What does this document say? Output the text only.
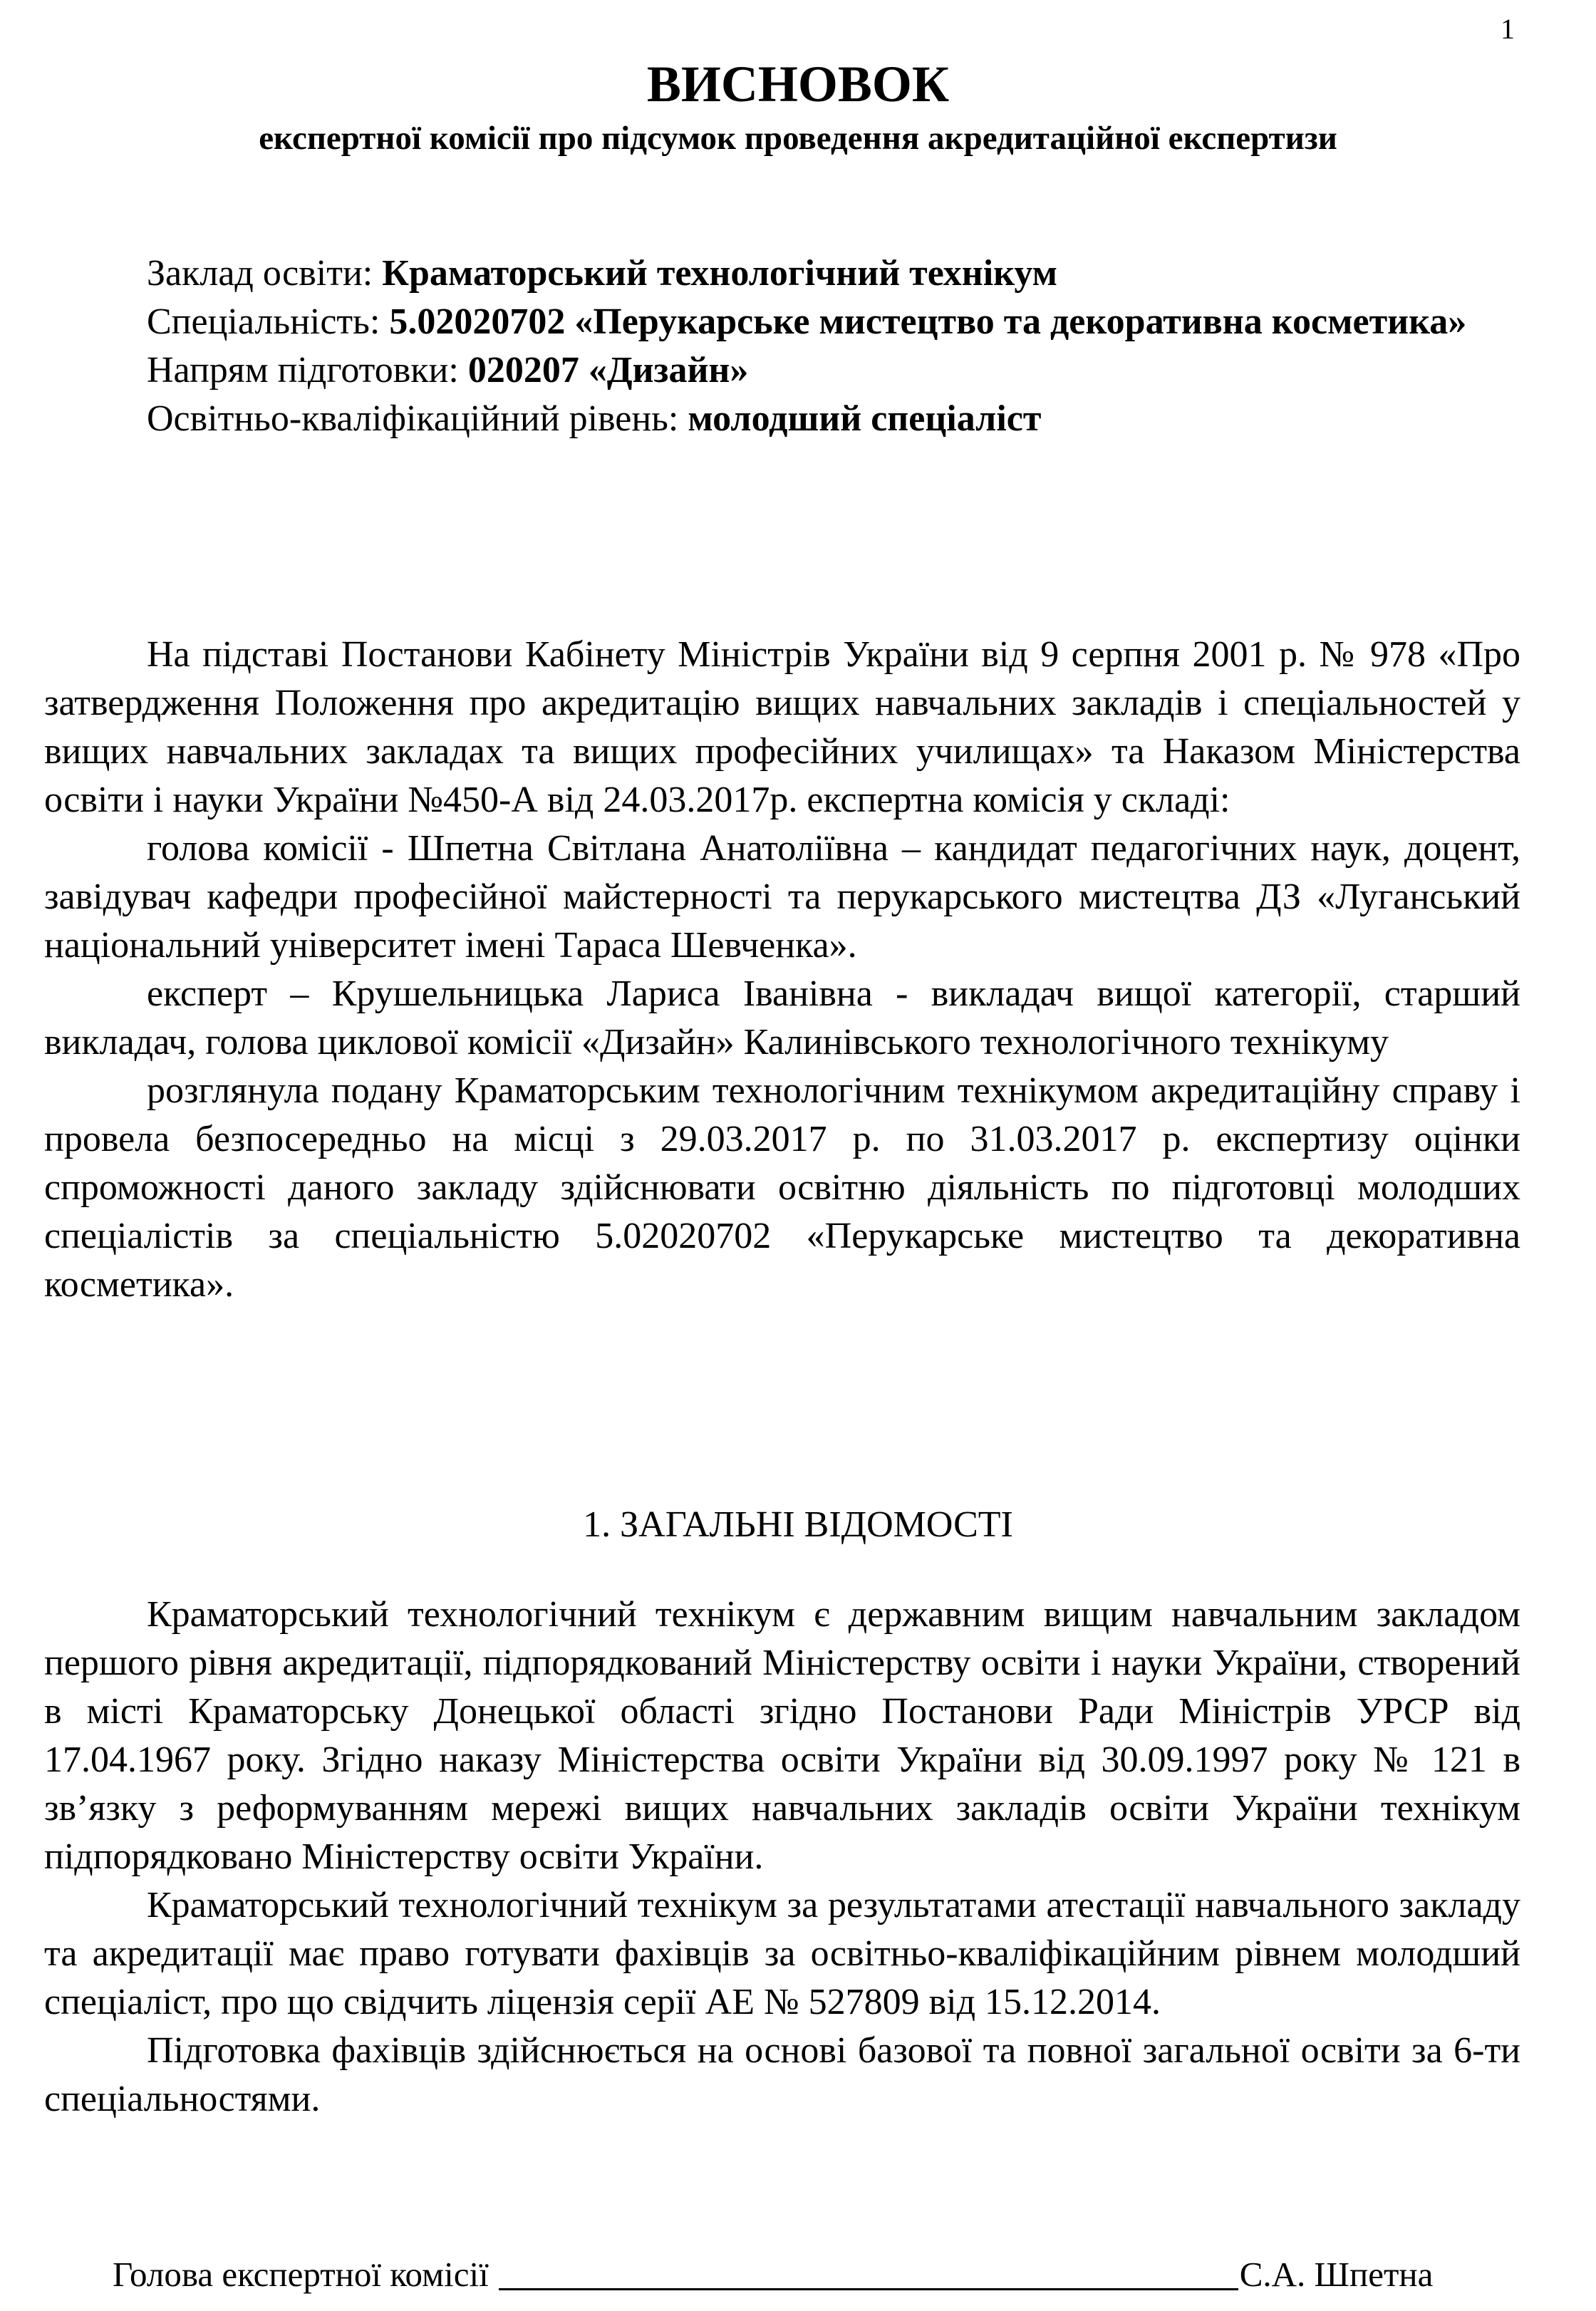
1
ВИСНОВОК
експертної комісії про підсумок проведення акредитаційної експертизи

Заклад освіти: Краматорський технологічний технікум

Спеціальність: 5.02020702 «Перукарське мистецтво та декоративна косметика»

Напрям підготовки: 020207 «Дизайн»

Освітньо-кваліфікаційний рівень: молодший спеціаліст

На підставі Постанови Кабінету Міністрів України від 9 серпня 2001 р. № 978 «Про затвердження Положення про акредитацію вищих навчальних закладів і спеціальностей у вищих навчальних закладах та вищих професійних училищах» та Наказом Міністерства освіти і науки України №450-А від 24.03.2017р. експертна комісія у складі:

голова комісії - Шпетна Світлана Анатоліївна – кандидат педагогічних наук, доцент, завідувач кафедри професійної майстерності та перукарського мистецтва ДЗ «Луганський національний університет імені Тараса Шевченка».

експерт – Крушельницька Лариса Іванівна - викладач вищої категорії, старший викладач, голова циклової комісії «Дизайн» Калинівського технологічного технікуму

розглянула подану Краматорським технологічним технікумом акредитаційну справу і провела безпосередньо на місці з 29.03.2017 р. по 31.03.2017 р. експертизу оцінки спроможності даного закладу здійснювати освітню діяльність по підготовці молодших спеціалістів за спеціальністю 5.02020702 «Перукарське мистецтво та декоративна косметика».

1. ЗАГАЛЬНІ ВІДОМОСТІ

Краматорський технологічний технікум є державним вищим навчальним закладом першого рівня акредитації, підпорядкований Міністерству освіти і науки України, створений в місті Краматорську Донецької області згідно Постанови Ради Міністрів УРСР від 17.04.1967 року. Згідно наказу Міністерства освіти України від 30.09.1997 року № 121 в зв’язку з реформуванням мережі вищих навчальних закладів освіти України технікум підпорядковано Міністерству освіти України.

Краматорський технологічний технікум за результатами атестації навчального закладу та акредитації має право готувати фахівців за освітньо-кваліфікаційним рівнем молодший спеціаліст, про що свідчить ліцензія серії АЕ № 527809 від 15.12.2014.

Підготовка фахівців здійснюється на основі базової та повної загальної освіти за 6-ти спеціальностями.

Голова експертної комісії	С.А. Шпетна
